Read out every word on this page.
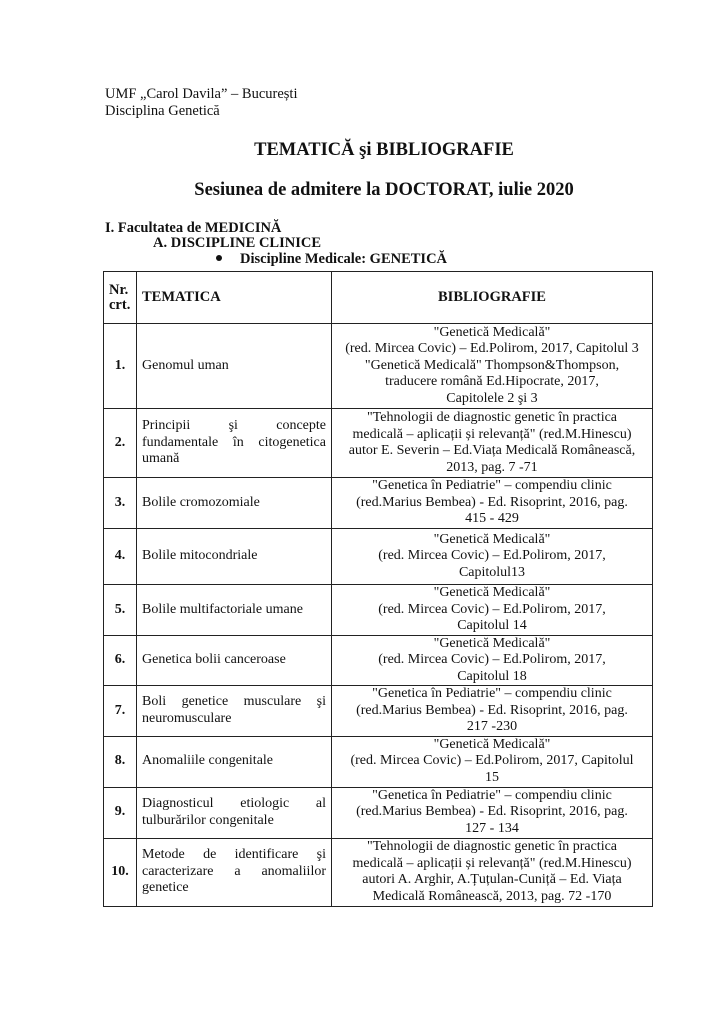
UMF „Carol Davila” – București
Disciplina Genetică
TEMATICĂ şi BIBLIOGRAFIE
Sesiunea de admitere la DOCTORAT, iulie 2020
I. Facultatea de MEDICINĂ
A. DISCIPLINE CLINICE
Discipline Medicale: GENETICĂ
Nr. crt.	TEMATICA	BIBLIOGRAFIE
1.	Genomul uman	"Genetică Medicală"
(red. Mircea Covic) – Ed.Polirom, 2017, Capitolul 3
"Genetică Medicală" Thompson&Thompson,
traducere română Ed.Hipocrate, 2017,
Capitolele 2 şi 3

2.	Principii şi concepte fundamentale în citogenetica umană	"Tehnologii de diagnostic genetic în practica
medicală – aplicații și relevanță" (red.M.Hinescu)
autor E. Severin – Ed.Viața Medicală Românească,
2013, pag. 7 -71

3.	Bolile cromozomiale	"Genetica în Pediatrie" – compendiu clinic
(red.Marius Bembea) - Ed. Risoprint, 2016, pag.
415 - 429

4.	Bolile mitocondriale	"Genetică Medicală"
(red. Mircea Covic) – Ed.Polirom, 2017,
Capitolul13

5.	Bolile multifactoriale umane	"Genetică Medicală"
(red. Mircea Covic) – Ed.Polirom, 2017,
Capitolul 14

6.	Genetica bolii canceroase	"Genetică Medicală"
(red. Mircea Covic) – Ed.Polirom, 2017,
Capitolul 18

7.	Boli genetice musculare şi neuromusculare	"Genetica în Pediatrie" – compendiu clinic
(red.Marius Bembea) - Ed. Risoprint, 2016, pag.
217 -230

8.	Anomaliile congenitale	"Genetică Medicală"
(red. Mircea Covic) – Ed.Polirom, 2017, Capitolul
15

9.	Diagnosticul etiologic al tulburărilor congenitale	"Genetica în Pediatrie" – compendiu clinic
(red.Marius Bembea) - Ed. Risoprint, 2016, pag.
127 - 134

10.	Metode de identificare şi caracterizare a anomaliilor genetice	"Tehnologii de diagnostic genetic în practica
medicală – aplicații și relevanță" (red.M.Hinescu)
autori A. Arghir, A.Țuțulan-Cuniță – Ed. Viața
Medicală Românească, 2013, pag. 72 -170
